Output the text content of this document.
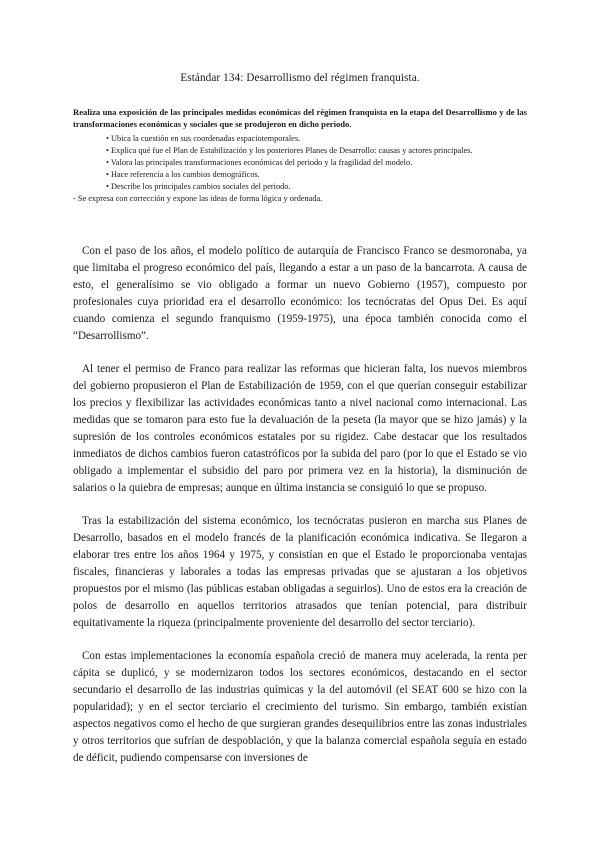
Estándar 134: Desarrollismo del régimen franquista.
Realiza una exposición de las principales medidas económicas del régimen franquista en la etapa del Desarrollismo y de las transformaciones económicas y sociales que se produjeron en dicho periodo.
• Ubica la cuestión en sus coordenadas espaciotemporales.
• Explica qué fue el Plan de Estabilización y los posteriores Planes de Desarrollo: causas y actores principales.
• Valora las principales transformaciones económicas del periodo y la fragilidad del modelo.
• Hace referencia a los cambios demográficos.
• Describe los principales cambios sociales del periodo.
- Se expresa con corrección y expone las ideas de forma lógica y ordenada.

Con el paso de los años, el modelo político de autarquía de Francisco Franco se desmoronaba, ya que limitaba el progreso económico del país, llegando a estar a un paso de la bancarrota. A causa de esto, el generalísimo se vio obligado a formar un nuevo Gobierno (1957), compuesto por profesionales cuya prioridad era el desarrollo económico: los tecnócratas del Opus Dei. Es aquí cuando comienza el segundo franquismo (1959-1975), una época también conocida como el “Desarrollismo”.

Al tener el permiso de Franco para realizar las reformas que hicieran falta, los nuevos miembros del gobierno propusieron el Plan de Estabilización de 1959, con el que querían conseguir estabilizar los precios y flexibilizar las actividades económicas tanto a nivel nacional como internacional. Las medidas que se tomaron para esto fue la devaluación de la peseta (la mayor que se hizo jamás) y la supresión de los controles económicos estatales por su rigidez. Cabe destacar que los resultados inmediatos de dichos cambios fueron catastróficos por la subida del paro (por lo que el Estado se vio obligado a implementar el subsidio del paro por primera vez en la historia), la disminución de salarios o la quiebra de empresas; aunque en última instancia se consiguió lo que se propuso.

Tras la estabilización del sistema económico, los tecnócratas pusieron en marcha sus Planes de Desarrollo, basados en el modelo francés de la planificación económica indicativa. Se llegaron a elaborar tres entre los años 1964 y 1975, y consistían en que el Estado le proporcionaba ventajas fiscales, financieras y laborales a todas las empresas privadas que se ajustaran a los objetivos propuestos por el mismo (las públicas estaban obligadas a seguirlos). Uno de estos era la creación de polos de desarrollo en aquellos territorios atrasados que tenían potencial, para distribuir equitativamente la riqueza (principalmente proveniente del desarrollo del sector terciario).

Con estas implementaciones la economía española creció de manera muy acelerada, la renta per cápita se duplicó, y se modernizaron todos los sectores económicos, destacando en el sector secundario el desarrollo de las industrias químicas y la del automóvil (el SEAT 600 se hizo con la popularidad); y en el sector terciario el crecimiento del turismo. Sin embargo, también existían aspectos negativos como el hecho de que surgieran grandes desequilibrios entre las zonas industriales y otros territorios que sufrían de despoblación, y que la balanza comercial española seguía en estado de déficit, pudiendo compensarse con inversiones de
